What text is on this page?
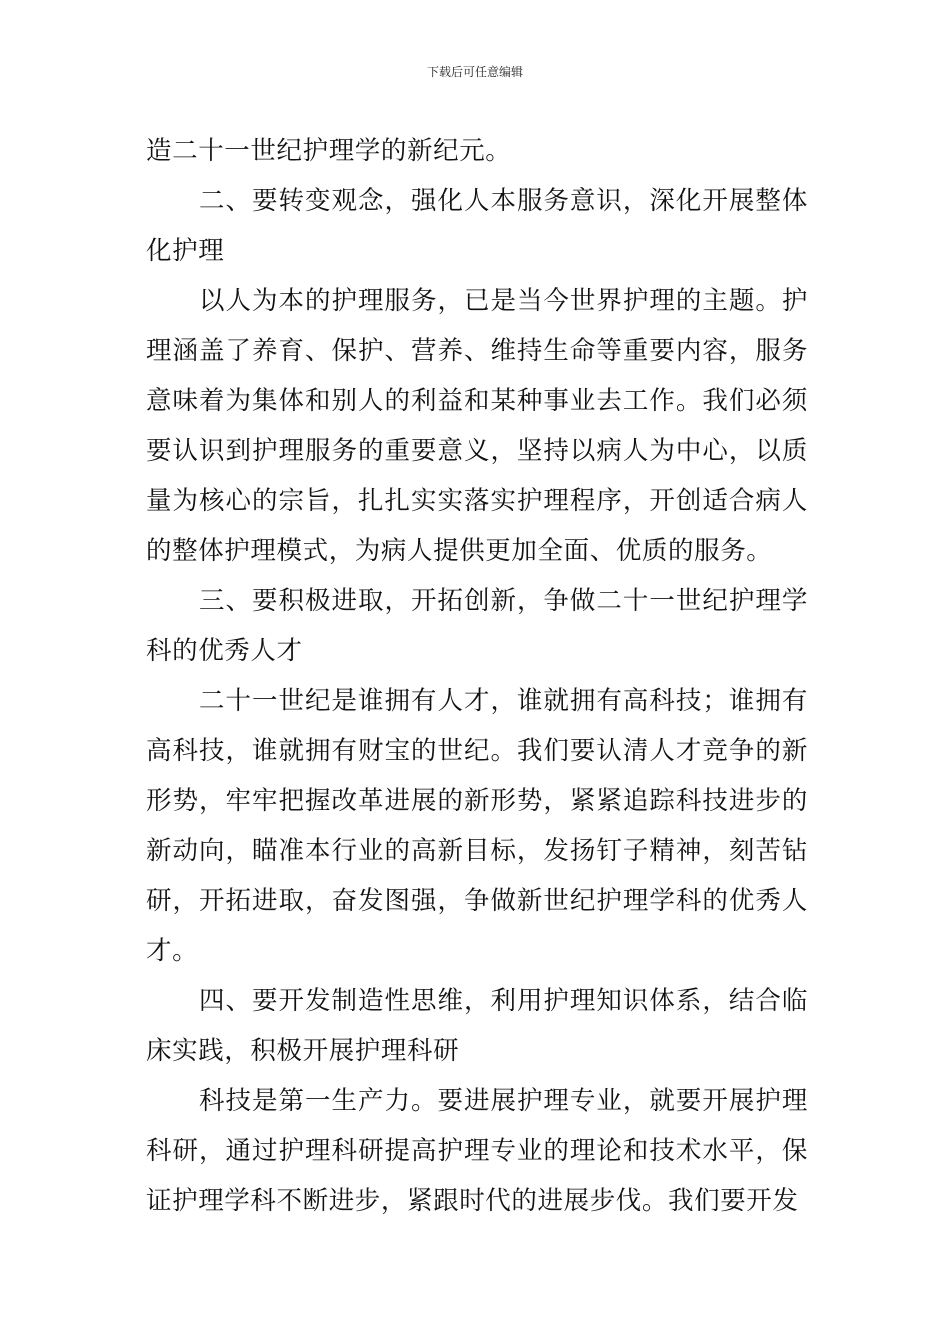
下载后可任意编辑

造二十一世纪护理学的新纪元。

二、要转变观念，强化人本服务意识，深化开展整体化护理

以人为本的护理服务，已是当今世界护理的主题。护理涵盖了养育、保护、营养、维持生命等重要内容，服务意味着为集体和别人的利益和某种事业去工作。我们必须要认识到护理服务的重要意义，坚持以病人为中心，以质量为核心的宗旨，扎扎实实落实护理程序，开创适合病人的整体护理模式，为病人提供更加全面、优质的服务。

三、要积极进取，开拓创新，争做二十一世纪护理学科的优秀人才

二十一世纪是谁拥有人才，谁就拥有高科技；谁拥有高科技，谁就拥有财宝的世纪。我们要认清人才竞争的新形势，牢牢把握改革进展的新形势，紧紧追踪科技进步的新动向，瞄准本行业的高新目标，发扬钉子精神，刻苦钻研，开拓进取，奋发图强，争做新世纪护理学科的优秀人才。

四、要开发制造性思维，利用护理知识体系，结合临床实践，积极开展护理科研

科技是第一生产力。要进展护理专业，就要开展护理科研，通过护理科研提高护理专业的理论和技术水平，保证护理学科不断进步，紧跟时代的进展步伐。我们要开发
